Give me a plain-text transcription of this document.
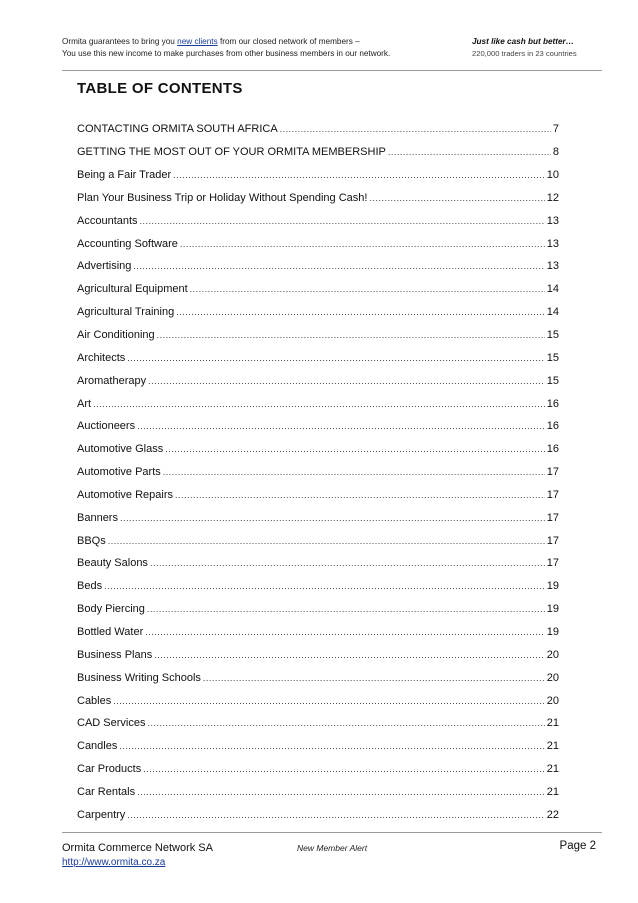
Ormita guarantees to bring you new clients from our closed network of members –
You use this new income to make purchases from other business members in our network.
Just like cash but better…
220,000 traders in 23 countries
TABLE OF CONTENTS
CONTACTING ORMITA SOUTH AFRICA .....	7
GETTING THE MOST OUT OF YOUR ORMITA MEMBERSHIP .....	8
Being a Fair Trader .....	10
Plan Your Business Trip or Holiday Without Spending Cash! .....	12
Accountants .....	13
Accounting Software .....	13
Advertising .....	13
Agricultural Equipment .....	14
Agricultural Training .....	14
Air Conditioning .....	15
Architects .....	15
Aromatherapy .....	15
Art .....	16
Auctioneers .....	16
Automotive Glass .....	16
Automotive Parts .....	17
Automotive Repairs .....	17
Banners .....	17
BBQs .....	17
Beauty Salons .....	17
Beds .....	19
Body Piercing .....	19
Bottled Water .....	19
Business Plans .....	20
Business Writing Schools .....	20
Cables .....	20
CAD Services .....	21
Candles .....	21
Car Products .....	21
Car Rentals .....	21
Carpentry .....	22
Ormita Commerce Network SA
http://www.ormita.co.za
New Member Alert	Page 2
